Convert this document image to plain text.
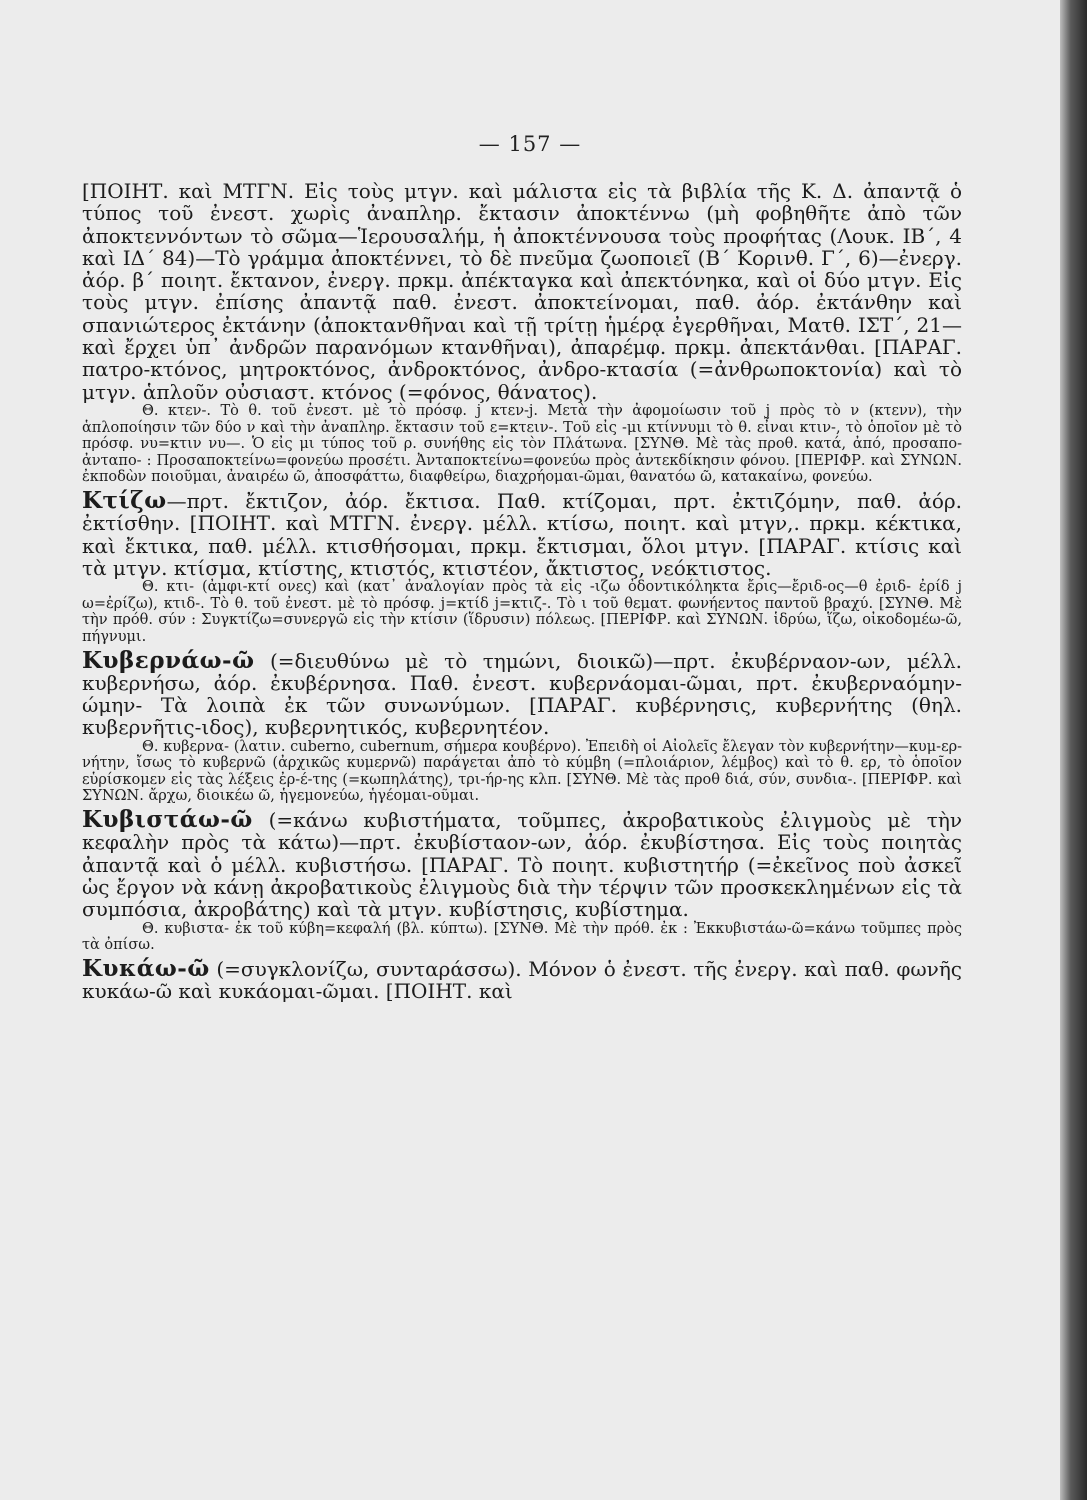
— 157 —

[ΠΟΙΗΤ. καὶ ΜΤΓΝ. Εἰς τοὺς μτγν. καὶ μάλιστα εἰς τὰ βιβλία τῆς Κ. Δ. ἀπαντᾷ ὁ τύπος τοῦ ἐνεστ. χωρὶς ἀναπληρ. ἔκτασιν ἀποκτέννω (μὴ φοβηθῆτε ἀπὸ τῶν ἀποκτεννόντων τὸ σῶμα—Ἱερουσαλήμ, ἡ ἀποκτέννουσα τοὺς προφήτας (Λουκ. ΙΒ΄, 4 καὶ ΙΔ΄ 84)—Τὸ γράμμα ἀποκτέννει, τὸ δὲ πνεῦμα ζωοποιεῖ (Β΄ Κορινθ. Γ΄, 6)—ἐνεργ. ἀόρ. β΄ ποιητ. ἔκτανον, ἐνεργ. πρκμ. ἀπέκταγκα καὶ ἀπεκτόνηκα, καὶ οἱ δύο μτγν. Εἰς τοὺς μτγν. ἐπίσης ἀπαντᾷ παθ. ἐνεστ. ἀποκτείνομαι, παθ. ἀόρ. ἐκτάνθην καὶ σπανιώτερος ἐκτάνην (ἀποκτανθῆναι καὶ τῇ τρίτῃ ἡμέρᾳ ἐγερθῆναι, Ματθ. ΙΣΤ΄, 21—καὶ ἔρχει ὑπ᾿ ἀνδρῶν παρανόμων κτανθῆναι), ἀπαρέμφ. πρκμ. ἀπεκτάνθαι. [ΠΑΡΑΓ. πατρο-κτόνος, μητροκτόνος, ἀνδροκτόνος, ἀνδρο-κτασία (=ἀνθρωποκτονία) καὶ τὸ μτγν. ἁπλοῦν οὐσιαστ. κτόνος (=φόνος, θάνατος).

Θ. κτεν-. Τὸ θ. τοῦ ἐνεστ. μὲ τὸ πρόσφ. j κτεν-j. Μετὰ τὴν ἀφομοίωσιν τοῦ j πρὸς τὸ ν (κτενν), τὴν ἁπλοποίησιν τῶν δύο ν καὶ τὴν ἀναπληρ. ἔκτασιν τοῦ ε=κτειν-. Τοῦ εἰς -μι κτίννυμι τὸ θ. εἶναι κτιν-, τὸ ὁποῖον μὲ τὸ πρόσφ. νυ=κτιν νυ—. Ὁ εἰς μι τύπος τοῦ ρ. συνήθης εἰς τὸν Πλάτωνα. [ΣΥΝΘ. Μὲ τὰς προθ. κατά, ἀπό, προσαπο- ἀνταπο- : Προσαποκτείνω=φονεύω προσέτι. Ἀνταποκτείνω=φονεύω πρὸς ἀντεκδίκησιν φόνου. [ΠΕΡΙΦΡ. καὶ ΣΥΝΩΝ. ἐκποδὼν ποιοῦμαι, ἀναιρέω ῶ, ἀποσφάττω, διαφθείρω, διαχρήομαι-ῶμαι, θανατόω ῶ, κατακαίνω, φονεύω.

Κτίζω—πρτ. ἔκτιζον, ἀόρ. ἔκτισα. Παθ. κτίζομαι, πρτ. ἐκτιζόμην, παθ. ἀόρ. ἐκτίσθην. [ΠΟΙΗΤ. καὶ ΜΤΓΝ. ἐνεργ. μέλλ. κτίσω, ποιητ. καὶ μτγν,. πρκμ. κέκτικα, καὶ ἔκτικα, παθ. μέλλ. κτισθήσομαι, πρκμ. ἔκτισμαι, ὅλοι μτγν. [ΠΑΡΑΓ. κτίσις καὶ τὰ μτγν. κτίσμα, κτίστης, κτιστός, κτιστέον, ἄκτιστος, νεόκτιστος.

Θ. κτι- (ἀμφι-κτί ονες) καὶ (κατ᾿ ἀναλογίαν πρὸς τὰ εἰς -ιζω ὀδοντικόληκτα ἔρις—ἔριδ-ος—θ ἐριδ- ἐρίδ j ω=ἐρίζω), κτιδ-. Τὸ θ. τοῦ ἐνεστ. μὲ τὸ πρόσφ. j=κτίδ j=κτιζ-. Τὸ ι τοῦ θεματ. φωνήεντος παντοῦ βραχύ. [ΣΥΝΘ. Μὲ τὴν πρόθ. σύν : Συγκτίζω=συνεργῶ εἰς τὴν κτίσιν (ἵδρυσιν) πόλεως. [ΠΕΡΙΦΡ. καὶ ΣΥΝΩΝ. ἱδρύω, ἵζω, οἰκοδομέω-ῶ, πήγνυμι.

Κυβερνάω-ῶ (=διευθύνω μὲ τὸ τημώνι, διοικῶ)—πρτ. ἐκυβέρναον-ων, μέλλ. κυβερνήσω, ἀόρ. ἐκυβέρνησα. Παθ. ἐνεστ. κυβερνάομαι-ῶμαι, πρτ. ἐκυβερναόμην-ώμην- Τὰ λοιπὰ ἐκ τῶν συνωνύμων. [ΠΑΡΑΓ. κυβέρνησις, κυβερνήτης (θηλ. κυβερνῆτις-ιδος), κυβερνητικός, κυβερνητέον.

Θ. κυβερνα- (λατιν. cuberno, cubernum, σήμερα κουβέρνο). Ἐπειδὴ οἱ Αἰολεῖς ἔλεγαν τὸν κυβερνήτην—κυμ-ερ-νήτην, ἴσως τὸ κυβερνῶ (ἀρχικῶς κυμερνῶ) παράγεται ἀπὸ τὸ κύμβη (=πλοιάριον, λέμβος) καὶ τὸ θ. ερ, τὸ ὁποῖον εὑρίσκομεν εἰς τὰς λέξεις ἐρ-έ-της (=κωπηλάτης), τρι-ήρ-ης κλπ. [ΣΥΝΘ. Μὲ τὰς προθ διά, σύν, συνδια-. [ΠΕΡΙΦΡ. καὶ ΣΥΝΩΝ. ἄρχω, διοικέω ῶ, ἡγεμονεύω, ἡγέομαι-οῦμαι.

Κυβιστάω-ῶ (=κάνω κυβιστήματα, τοῦμπες, ἀκροβατικοὺς ἐλιγμοὺς μὲ τὴν κεφαλὴν πρὸς τὰ κάτω)—πρτ. ἐκυβίσταον-ων, ἀόρ. ἐκυβίστησα. Εἰς τοὺς ποιητὰς ἀπαντᾷ καὶ ὁ μέλλ. κυβιστήσω. [ΠΑΡΑΓ. Τὸ ποιητ. κυβιστητήρ (=ἐκεῖνος ποὺ ἀσκεῖ ὡς ἔργον νὰ κάνῃ ἀκροβατικοὺς ἐλιγμοὺς διὰ τὴν τέρψιν τῶν προσκεκλημένων εἰς τὰ συμπόσια, ἀκροβάτης) καὶ τὰ μτγν. κυβίστησις, κυβίστημα.

Θ. κυβιστα- ἐκ τοῦ κύβη=κεφαλή (βλ. κύπτω). [ΣΥΝΘ. Μὲ τὴν πρόθ. ἐκ : Ἐκκυβιστάω-ῶ=κάνω τοῦμπες πρὸς τὰ ὀπίσω.

Κυκάω-ῶ (=συγκλονίζω, συνταράσσω). Μόνον ὁ ἐνεστ. τῆς ἐνεργ. καὶ παθ. φωνῆς κυκάω-ῶ καὶ κυκάομαι-ῶμαι. [ΠΟΙΗΤ. καὶ
